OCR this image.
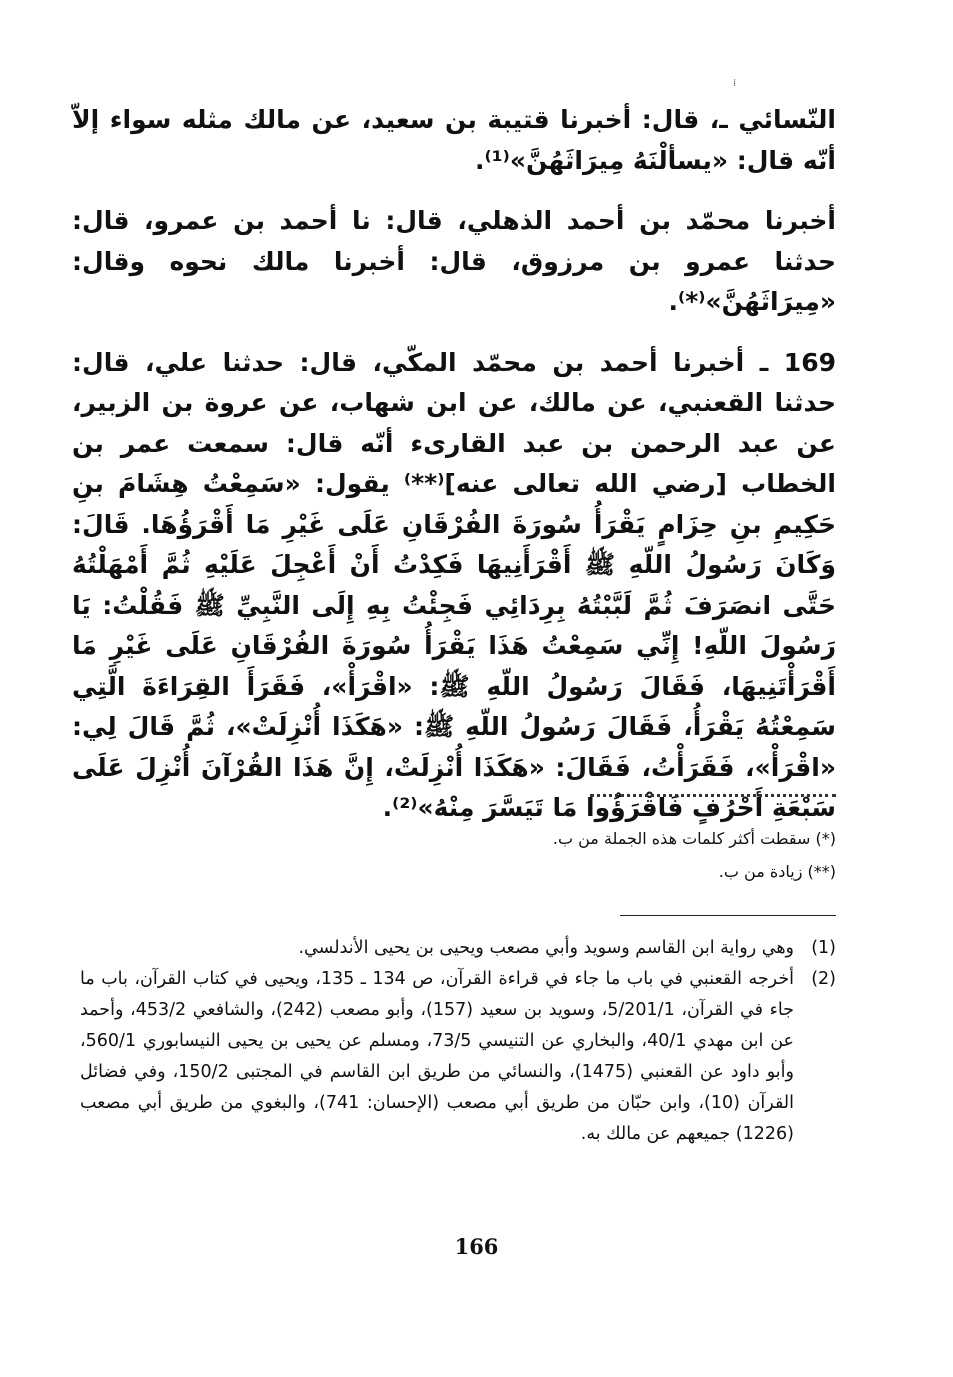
⁞

النّسائي ـ، قال: أخبرنا قتيبة بن سعيد، عن مالك مثله سواء إلاّ أنّه قال: «يسألْنَهُ مِيرَاثَهُنَّ»⁽¹⁾.

أخبرنا محمّد بن أحمد الذهلي، قال: نا أحمد بن عمرو، قال: حدثنا عمرو بن مرزوق، قال: أخبرنا مالك نحوه وقال: «مِيرَاثَهُنَّ»⁽*⁾.

169 ـ أخبرنا أحمد بن محمّد المكّي، قال: حدثنا علي، قال: حدثنا القعنبي، عن مالك، عن ابن شهاب، عن عروة بن الزبير، عن عبد الرحمن بن عبد القارىء أنّه قال: سمعت عمر بن الخطاب [رضي الله تعالى عنه]⁽**⁾ يقول: «سَمِعْتُ هِشَامَ بنِ حَكِيمِ بنِ حِزَامٍ يَقْرَأُ سُورَةَ الفُرْقَانِ عَلَى غَيْرِ مَا أَقْرَؤُهَا. قَالَ: وَكَانَ رَسُولُ اللّهِ ﷺ أَقْرَأَنِيهَا فَكِدْتُ أَنْ أَعْجِلَ عَلَيْهِ ثُمَّ أَمْهَلْتُهُ حَتَّى انصَرَفَ ثُمَّ لَبَّبْتُهُ بِرِدَائِي فَجِئْتُ بِهِ إِلَى النَّبِيِّ ﷺ فَقُلْتُ: يَا رَسُولَ اللّهِ! إِنِّي سَمِعْتُ هَذَا يَقْرَأُ سُورَةَ الفُرْقَانِ عَلَى غَيْرِ مَا أَقْرَأْتَنِيهَا، فَقَالَ رَسُولُ اللّهِ ﷺ: «اقْرَأْ»، فَقَرَأَ القِرَاءَةَ الَّتِي سَمِعْتُهُ يَقْرَأُ، فَقَالَ رَسُولُ اللّهِ ﷺ: «هَكَذَا أُنْزِلَتْ»، ثُمَّ قَالَ لِي: «اقْرَأْ»، فَقَرَأْتُ، فَقَالَ: «هَكَذَا أُنْزِلَتْ، إِنَّ هَذَا القُرْآنَ أُنْزِلَ عَلَى سَبْعَةِ أَحْرُفٍ فَاقْرَؤُوا مَا تَيَسَّرَ مِنْهُ»⁽²⁾.

(*) سقطت أكثر كلمات هذه الجملة من ب.
(**) زيادة من ب.
(1)
وهي رواية ابن القاسم وسويد وأبي مصعب ويحيى بن يحيى الأندلسي.
(2)
أخرجه القعنبي في باب ما جاء في قراءة القرآن، ص 134 ـ 135، ويحيى في كتاب القرآن، باب ما جاء في القرآن، 5/201/1، وسويد بن سعيد (157)، وأبو مصعب (242)، والشافعي 453/2، وأحمد عن ابن مهدي 40/1، والبخاري عن التنيسي 73/5، ومسلم عن يحيى بن يحيى النيسابوري 560/1، وأبو داود عن القعنبي (1475)، والنسائي من طريق ابن القاسم في المجتبى 150/2، وفي فضائل القرآن (10)، وابن حبّان من طريق أبي مصعب (الإحسان: 741)، والبغوي من طريق أبي مصعب (1226) جميعهم عن مالك به.
166
